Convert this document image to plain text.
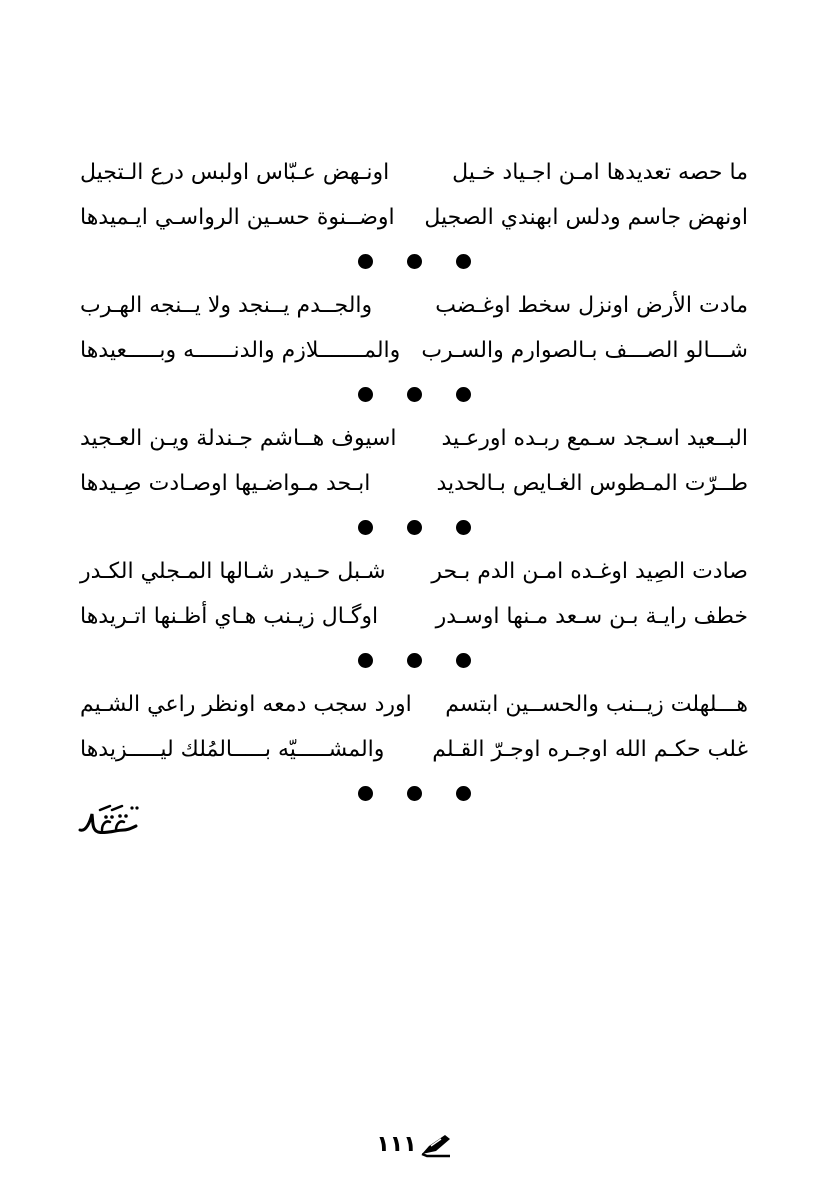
ما حصه تعديدها امـن اجـياد خـيل
اونـهض عـبّاس اولبس درع الـتجيل
اونهض جاسم ودلس ابهندي الصجيل
اوضــنوة حسـين الرواسـي ايـميدها
مادت الأرض اونزل سخط اوغـضب
والجــدم يــنجد ولا يــنجه الهـرب
شـــالو الصـــف بـالصوارم والسـرب
والمـــــــلازم والدنــــــه وبـــــعيدها
البــعيد اسـجد سـمع ربـده اورعـيد
اسيوف هــاشم جـندلة ويـن العـجيد
طــرّت المـطوس الغـايص بـالحديد
ابـحد مـواضـيها اوصـادت صِـيدها
صادت الصِيد اوغـده امـن الدم بـحر
شـبل حـيدر شـالها المـجلي الكـدر
خطف رايـة بـن سـعد مـنها اوسـدر
اوگـال زيـنب هـاي أظـنها اتـريدها
هـــلهلت زيــنب والحســين ابتسم
اورد سجب دمعه اونظر راعي الشـيم
غلب حكـم الله اوجـره اوجـرّ القـلم
والمشـــــيّه بـــــالمُلك ليـــــزيدها
١١١
